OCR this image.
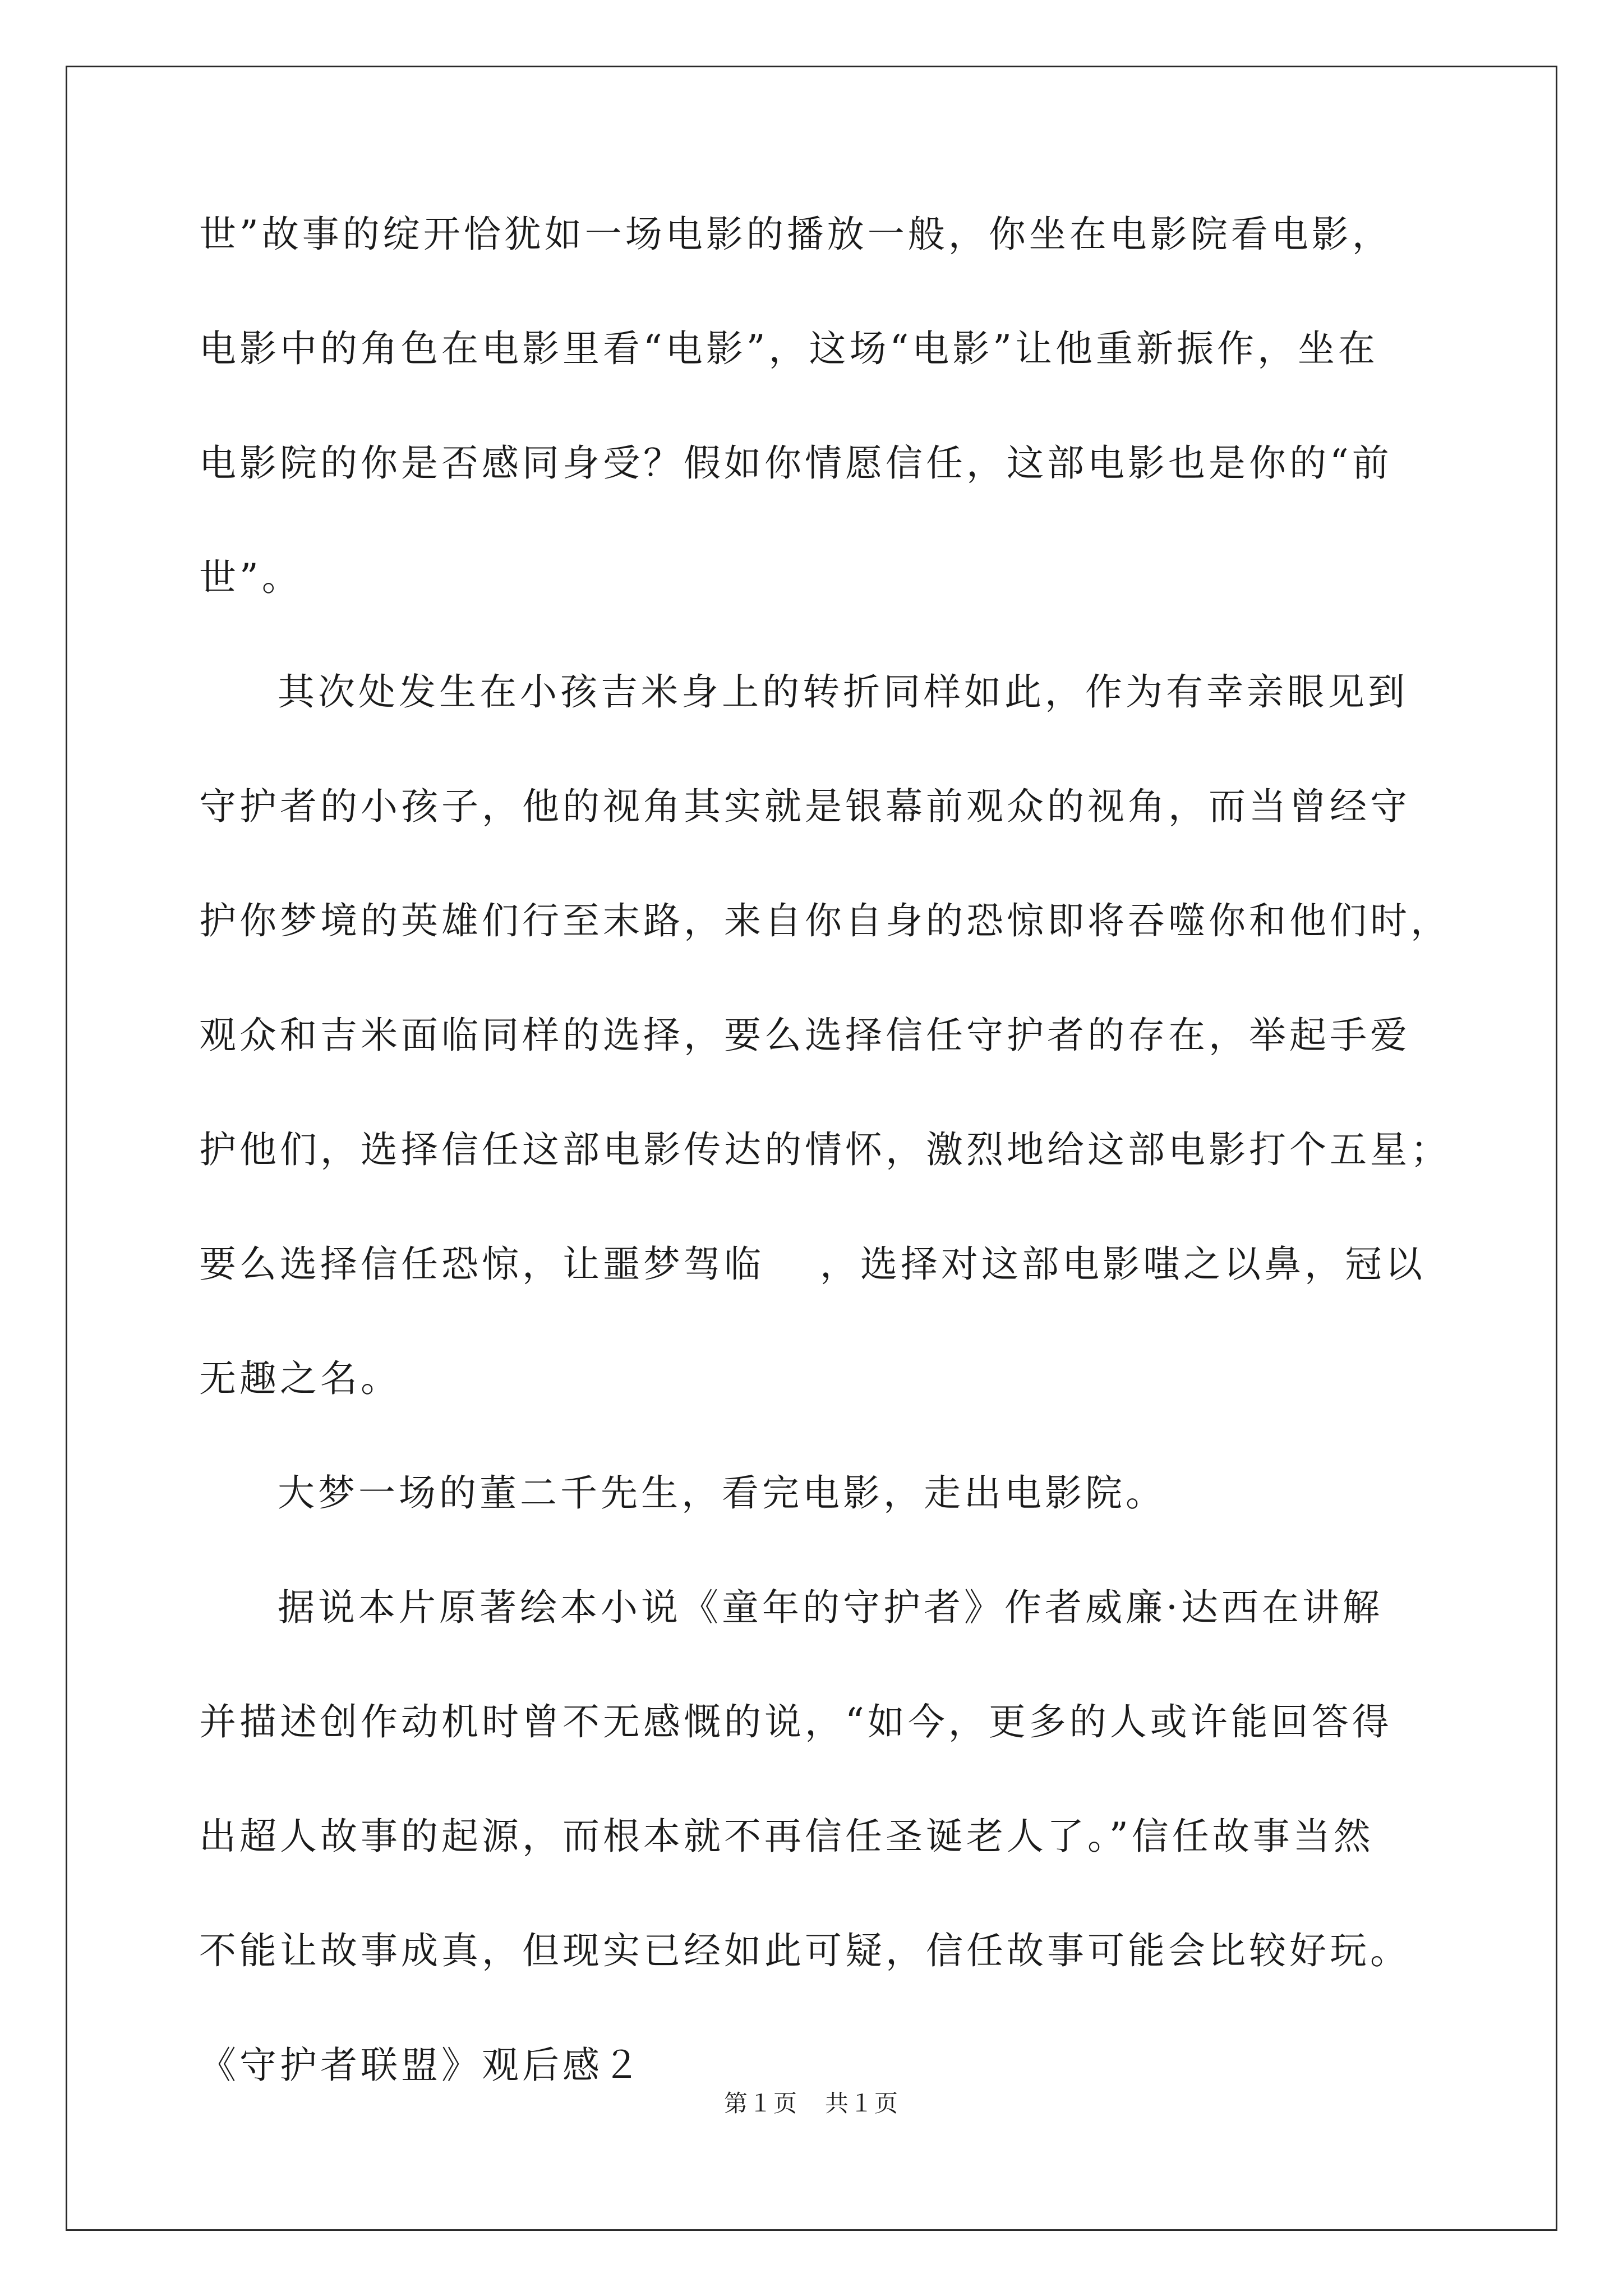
世”故事的绽开恰犹如一场电影的播放一般，你坐在电影院看电影，
电影中的角色在电影里看“电影”，这场“电影”让他重新振作，坐在
电影院的你是否感同身受？假如你情愿信任，这部电影也是你的“前
世”。
其次处发生在小孩吉米身上的转折同样如此，作为有幸亲眼见到
守护者的小孩子，他的视角其实就是银幕前观众的视角，而当曾经守
护你梦境的英雄们行至末路，来自你自身的恐惊即将吞噬你和他们时，
观众和吉米面临同样的选择，要么选择信任守护者的存在，举起手爱
护他们，选择信任这部电影传达的情怀，激烈地给这部电影打个五星；
要么选择信任恐惊，让噩梦驾临　 ，选择对这部电影嗤之以鼻，冠以
无趣之名。
大梦一场的董二千先生，看完电影，走出电影院。
据说本片原著绘本小说《童年的守护者》作者威廉·达西在讲解
并描述创作动机时曾不无感慨的说，“如今，更多的人或许能回答得
出超人故事的起源，而根本就不再信任圣诞老人了。”信任故事当然
不能让故事成真，但现实已经如此可疑，信任故事可能会比较好玩。
《守护者联盟》观后感２
第１页 共１页
